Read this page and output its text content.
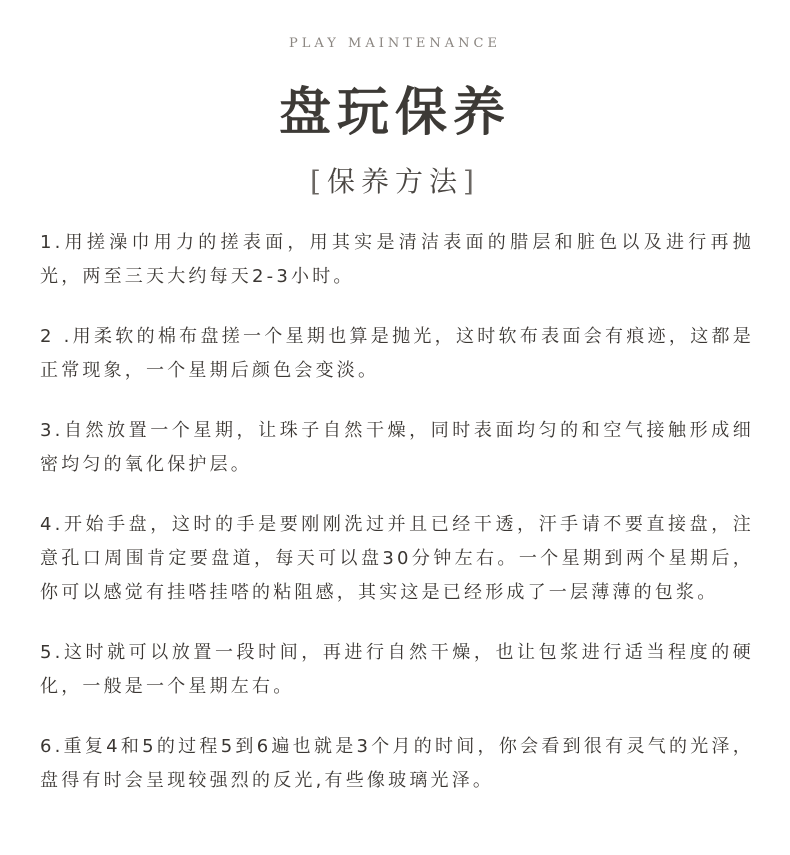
PLAY MAINTENANCE
盘玩保养
[保养方法]

1.用搓澡巾用力的搓表面，用其实是清洁表面的腊层和脏色以及进行再抛光，两至三天大约每天2-3小时。

2 .用柔软的棉布盘搓一个星期也算是抛光，这时软布表面会有痕迹，这都是正常现象，一个星期后颜色会变淡。

3.自然放置一个星期，让珠子自然干燥，同时表面均匀的和空气接触形成细密均匀的氧化保护层。

4.开始手盘，这时的手是要刚刚洗过并且已经干透，汗手请不要直接盘，注意孔口周围肯定要盘道，每天可以盘30分钟左右。一个星期到两个星期后，你可以感觉有挂嗒挂嗒的粘阻感，其实这是已经形成了一层薄薄的包浆。

5.这时就可以放置一段时间，再进行自然干燥，也让包浆进行适当程度的硬化，一般是一个星期左右。

6.重复4和5的过程5到6遍也就是3个月的时间，你会看到很有灵气的光泽，盘得有时会呈现较强烈的反光,有些像玻璃光泽。
